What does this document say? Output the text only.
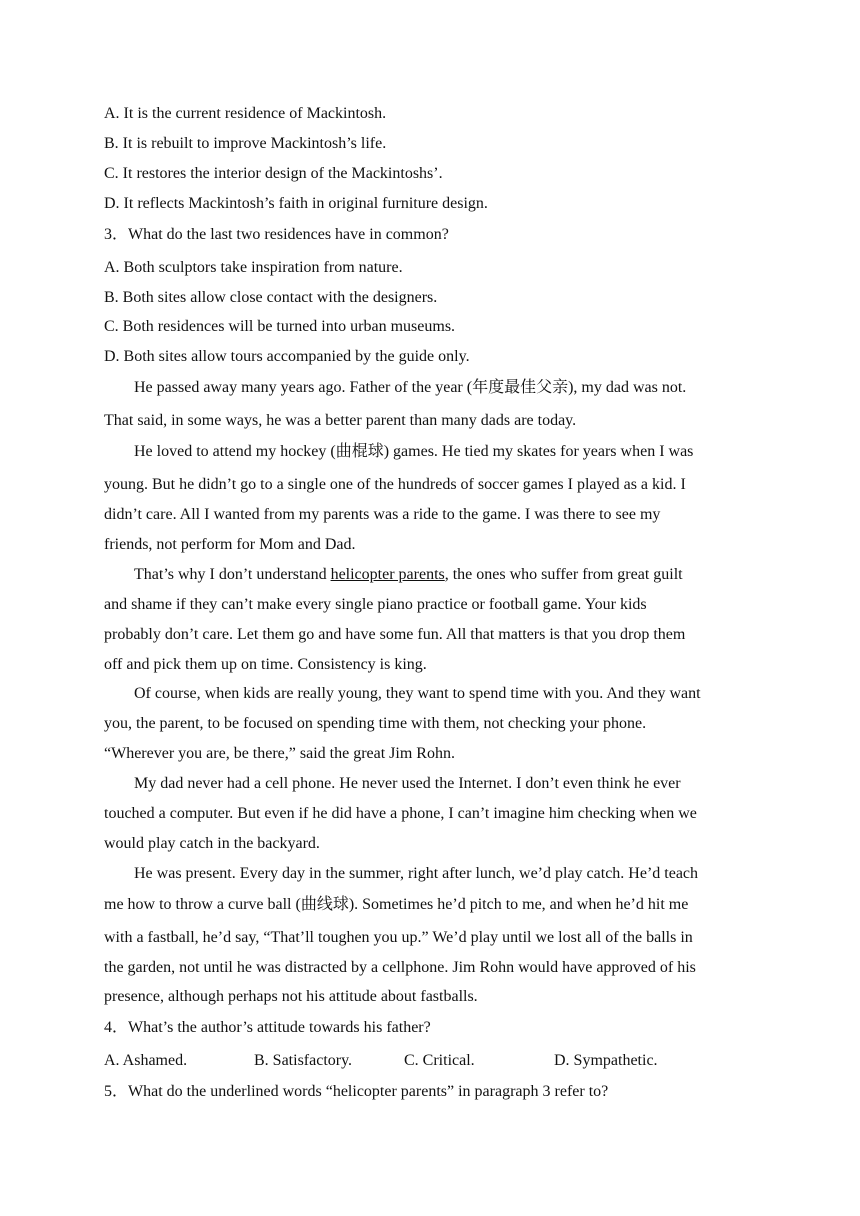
A. It is the current residence of Mackintosh.

B. It is rebuilt to improve Mackintosh’s life.

C. It restores the interior design of the Mackintoshs’.

D. It reflects Mackintosh’s faith in original furniture design.

3．What do the last two residences have in common?

A. Both sculptors take inspiration from nature.

B. Both sites allow close contact with the designers.

C. Both residences will be turned into urban museums.

D. Both sites allow tours accompanied by the guide only.

He passed away many years ago. Father of the year (年度最佳父亲), my dad was not.

That said, in some ways, he was a better parent than many dads are today.

He loved to attend my hockey (曲棍球) games. He tied my skates for years when I was

young. But he didn’t go to a single one of the hundreds of soccer games I played as a kid. I

didn’t care. All I wanted from my parents was a ride to the game. I was there to see my

friends, not perform for Mom and Dad.

That’s why I don’t understand helicopter parents, the ones who suffer from great guilt

and shame if they can’t make every single piano practice or football game. Your kids

probably don’t care. Let them go and have some fun. All that matters is that you drop them

off and pick them up on time. Consistency is king.

Of course, when kids are really young, they want to spend time with you. And they want

you, the parent, to be focused on spending time with them, not checking your phone.

“Wherever you are, be there,” said the great Jim Rohn.

My dad never had a cell phone. He never used the Internet. I don’t even think he ever

touched a computer. But even if he did have a phone, I can’t imagine him checking when we

would play catch in the backyard.

He was present. Every day in the summer, right after lunch, we’d play catch. He’d teach

me how to throw a curve ball (曲线球). Sometimes he’d pitch to me, and when he’d hit me

with a fastball, he’d say, “That’ll toughen you up.” We’d play until we lost all of the balls in

the garden, not until he was distracted by a cellphone. Jim Rohn would have approved of his

presence, although perhaps not his attitude about fastballs.

4．What’s the author’s attitude towards his father?

A. Ashamed.	B. Satisfactory.	C. Critical.	D. Sympathetic.

5．What do the underlined words “helicopter parents” in paragraph 3 refer to?
